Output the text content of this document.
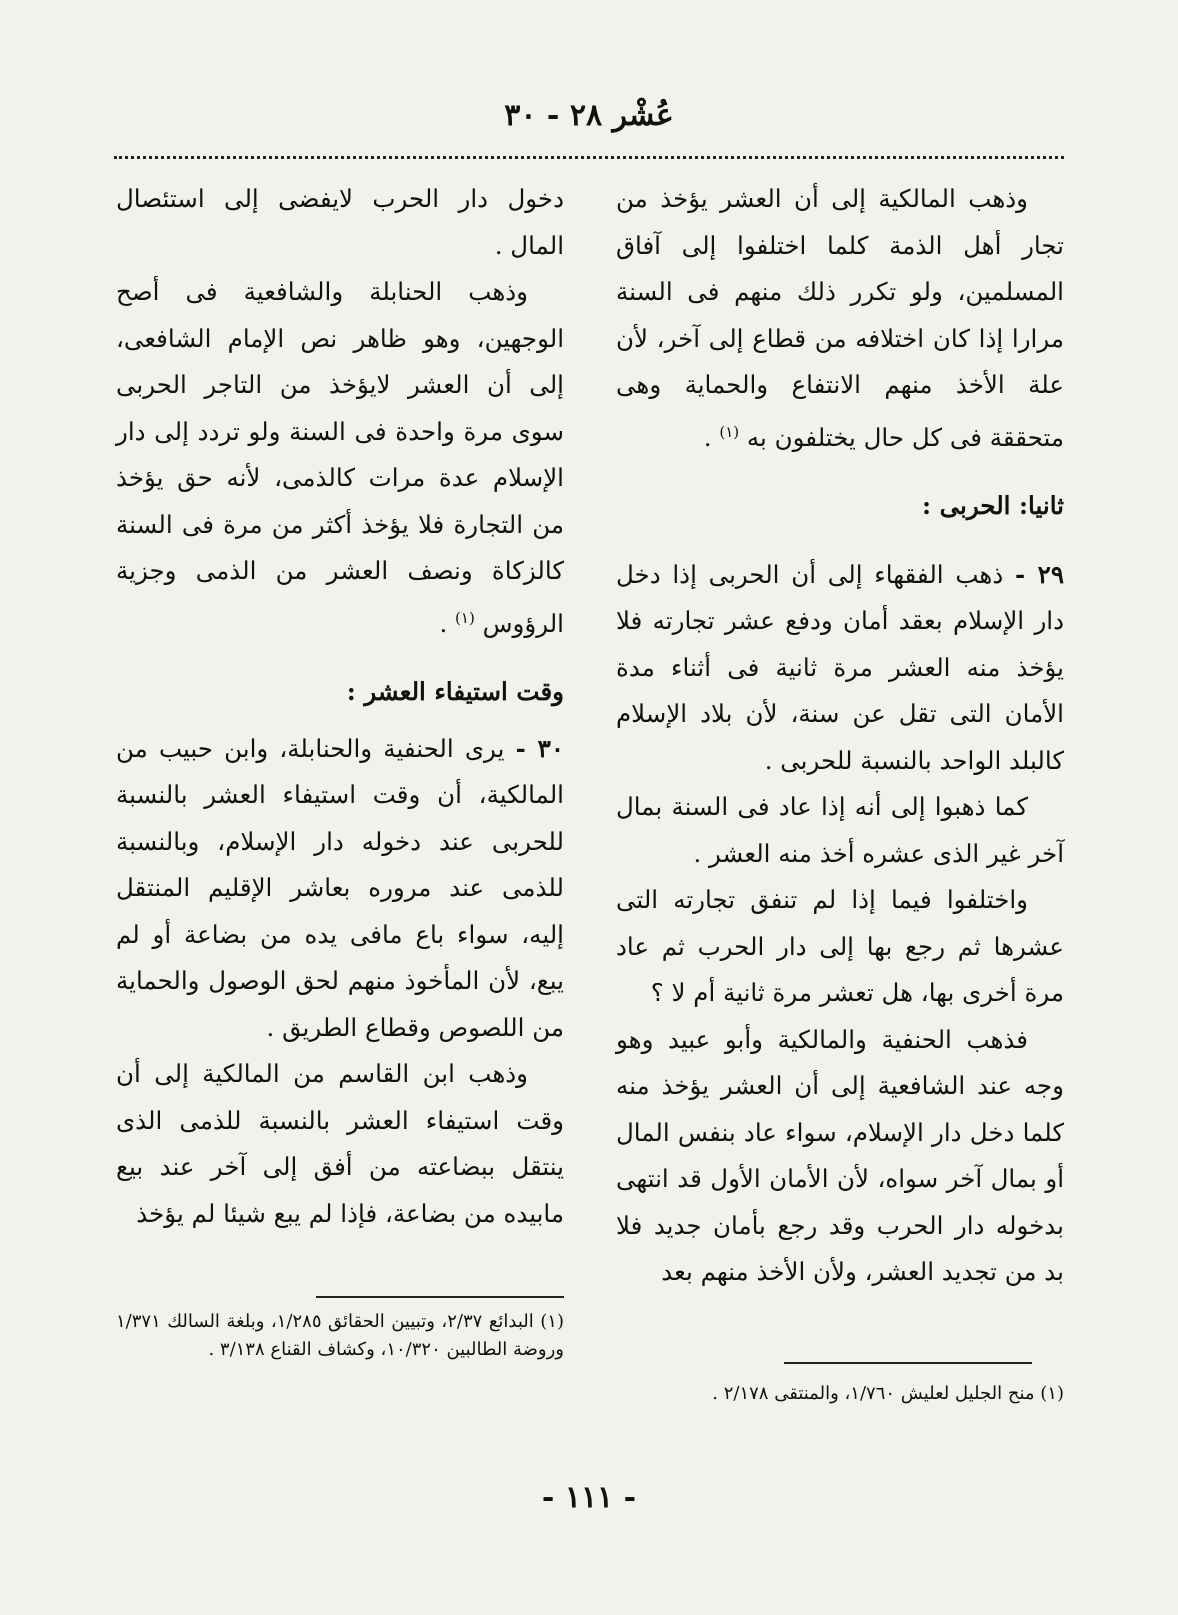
عُشْر ٢٨ - ٣٠

وذهب المالكية إلى أن العشر يؤخذ من تجار أهل الذمة كلما اختلفوا إلى آفاق المسلمين، ولو تكرر ذلك منهم فى السنة مرارا إذا كان اختلافه من قطاع إلى آخر، لأن علة الأخذ منهم الانتفاع والحماية وهى متحققة فى كل حال يختلفون به $^{(١)}$ .

ثانيا: الحربى :

٢٩ - ذهب الفقهاء إلى أن الحربى إذا دخل دار الإسلام بعقد أمان ودفع عشر تجارته فلا يؤخذ منه العشر مرة ثانية فى أثناء مدة الأمان التى تقل عن سنة، لأن بلاد الإسلام كالبلد الواحد بالنسبة للحربى .

كما ذهبوا إلى أنه إذا عاد فى السنة بمال آخر غير الذى عشره أخذ منه العشر .

واختلفوا فيما إذا لم تنفق تجارته التى عشرها ثم رجع بها إلى دار الحرب ثم عاد مرة أخرى بها، هل تعشر مرة ثانية أم لا ؟

فذهب الحنفية والمالكية وأبو عبيد وهو وجه عند الشافعية إلى أن العشر يؤخذ منه كلما دخل دار الإسلام، سواء عاد بنفس المال أو بمال آخر سواه، لأن الأمان الأول قد انتهى بدخوله دار الحرب وقد رجع بأمان جديد فلا بد من تجديد العشر، ولأن الأخذ منهم بعد

(١) منح الجليل لعليش ١/٧٦٠، والمنتقى ٢/١٧٨ .

دخول دار الحرب لايفضى إلى استئصال المال .

وذهب الحنابلة والشافعية فى أصح الوجهين، وهو ظاهر نص الإمام الشافعى، إلى أن العشر لايؤخذ من التاجر الحربى سوى مرة واحدة فى السنة ولو تردد إلى دار الإسلام عدة مرات كالذمى، لأنه حق يؤخذ من التجارة فلا يؤخذ أكثر من مرة فى السنة كالزكاة ونصف العشر من الذمى وجزية الرؤوس $^{(١)}$ .

وقت استيفاء العشر :

٣٠ - يرى الحنفية والحنابلة، وابن حبيب من المالكية، أن وقت استيفاء العشر بالنسبة للحربى عند دخوله دار الإسلام، وبالنسبة للذمى عند مروره بعاشر الإقليم المنتقل إليه، سواء باع مافى يده من بضاعة أو لم يبع، لأن المأخوذ منهم لحق الوصول والحماية من اللصوص وقطاع الطريق .

وذهب ابن القاسم من المالكية إلى أن وقت استيفاء العشر بالنسبة للذمى الذى ينتقل ببضاعته من أفق إلى آخر عند بيع مابيده من بضاعة، فإذا لم يبع شيئا لم يؤخذ

(١) البدائع ٢/٣٧، وتبيين الحقائق ١/٢٨٥، وبلغة السالك ١/٣٧١ وروضة الطالبين ١٠/٣٢٠، وكشاف القناع ٣/١٣٨ .
- ١١١ -
